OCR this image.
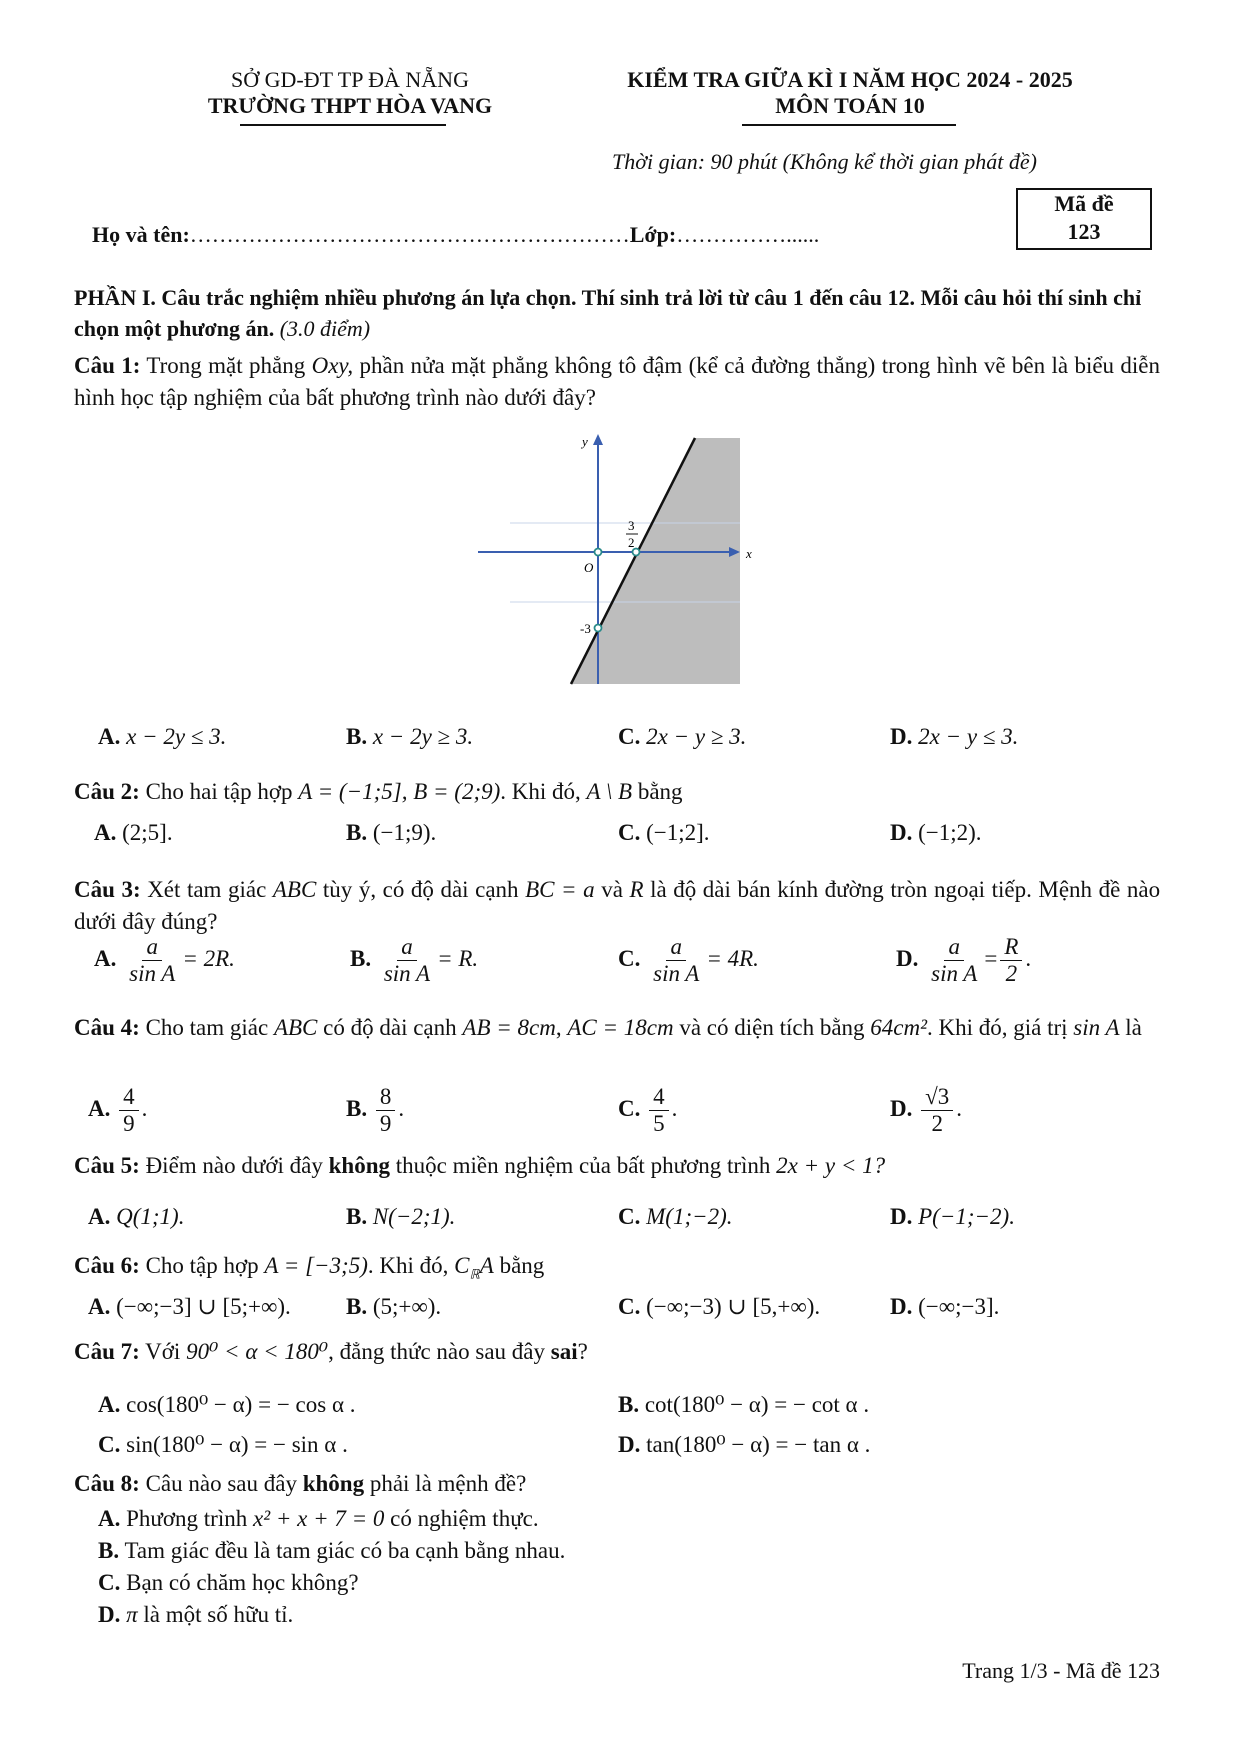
SỞ GD-ĐT TP ĐÀ NẴNG
TRƯỜNG THPT HÒA VANG
KIỂM TRA GIỮA KÌ I NĂM HỌC 2024 - 2025
MÔN TOÁN 10
Thời gian: 90 phút (Không kể thời gian phát đề)
Họ và tên:……………………………………………………Lớp:……………......
Mã đề
123
PHẦN I. Câu trắc nghiệm nhiều phương án lựa chọn. Thí sinh trả lời từ câu 1 đến câu 12. Mỗi câu hỏi thí sinh chỉ chọn một phương án. (3.0 điểm)
Câu 1: Trong mặt phẳng Oxy, phần nửa mặt phẳng không tô đậm (kể cả đường thẳng) trong hình vẽ bên là biểu diễn hình học tập nghiệm của bất phương trình nào dưới đây?
y
x
O
3
2
-3
A. x − 2y ≤ 3.	B. x − 2y ≥ 3.	C. 2x − y ≥ 3.	D. 2x − y ≤ 3.
Câu 2: Cho hai tập hợp A = (−1;5], B = (2;9). Khi đó, A \ B bằng
A. (2;5].	B. (−1;9).	C. (−1;2].	D. (−1;2).
Câu 3: Xét tam giác ABC tùy ý, có độ dài cạnh BC = a và R là độ dài bán kính đường tròn ngoại tiếp. Mệnh đề nào dưới đây đúng?
A. $\frac{a}{\text{sin A}} = 2R$.	B. $\frac{a}{\text{sin A}} = R$.	C. $\frac{a}{\text{sin A}} = 4R$.	D. $\frac{a}{\text{sin A}} = \frac{R}{2}$ .
Câu 4: Cho tam giác ABC có độ dài cạnh AB = 8cm, AC = 18cm và có diện tích bằng 64cm². Khi đó, giá trị sin A là
A. $\frac{4}{9}$ .	B. $\frac{8}{9}$ .	C. $\frac{4}{5}$ .	D. $\frac{√3}{2}$ .
Câu 5: Điểm nào dưới đây không thuộc miền nghiệm của bất phương trình 2x + y < 1?
A. Q(1;1).	B. N(−2;1).	C. M(1;−2).	D. P(−1;−2).
Câu 6: Cho tập hợp A = [−3;5). Khi đó, $C_ℝA$ bằng
A. (−∞;−3] ∪ [5;+∞). B. (5;+∞).	C. (−∞;−3) ∪ [5,+∞).	D. (−∞;−3].
Câu 7: Với 90⁰ < α < 180⁰, đẳng thức nào sau đây sai?
A. cos(180⁰ − α) = − cos α .	B. cot(180⁰ − α) = − cot α .
C. sin(180⁰ − α) = − sin α .	D. tan(180⁰ − α) = − tan α .
Câu 8: Câu nào sau đây không phải là mệnh đề?
A. Phương trình x² + x + 7 = 0 có nghiệm thực.
B. Tam giác đều là tam giác có ba cạnh bằng nhau.
C. Bạn có chăm học không?
D. π là một số hữu tỉ.
Trang 1/3 - Mã đề 123
